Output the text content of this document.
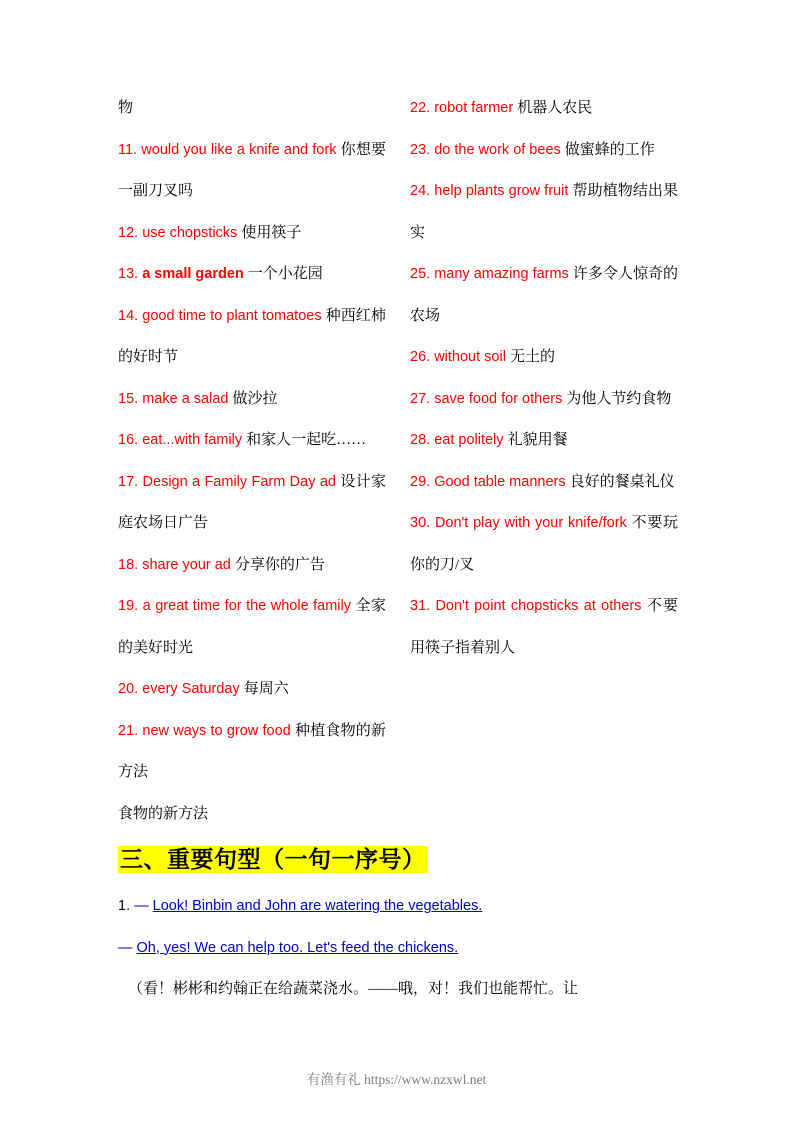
物

11. would you like a knife and fork 你想要一副刀叉吗

12. use chopsticks 使用筷子

13. a small garden 一个小花园

14. good time to plant tomatoes 种西红柿的好时节

15. make a salad 做沙拉

16. eat...with family 和家人一起吃……

17. Design a Family Farm Day ad 设计家庭农场日广告

18. share your ad 分享你的广告

19. a great time for the whole family 全家的美好时光

20. every Saturday 每周六

21. new ways to grow food 种植食物的新方法

22. robot farmer 机器人农民

23. do the work of bees 做蜜蜂的工作

24. help plants grow fruit 帮助植物结出果实

25. many amazing farms 许多令人惊奇的农场

26. without soil 无土的

27. save food for others 为他人节约食物

28. eat politely 礼貌用餐

29. Good table manners 良好的餐桌礼仪

30. Don't play with your knife/fork 不要玩你的刀/叉

31. Don't point chopsticks at others 不要用筷子指着别人

食物的新方法

三、重要句型（一句一序号）

1. — Look! Binbin and John are watering the vegetables.

— Oh, yes! We can help too. Let's feed the chickens.

（看！彬彬和约翰正在给蔬菜浇水。——哦，对！我们也能帮忙。让

有渔有礼 https://www.nzxwl.net
